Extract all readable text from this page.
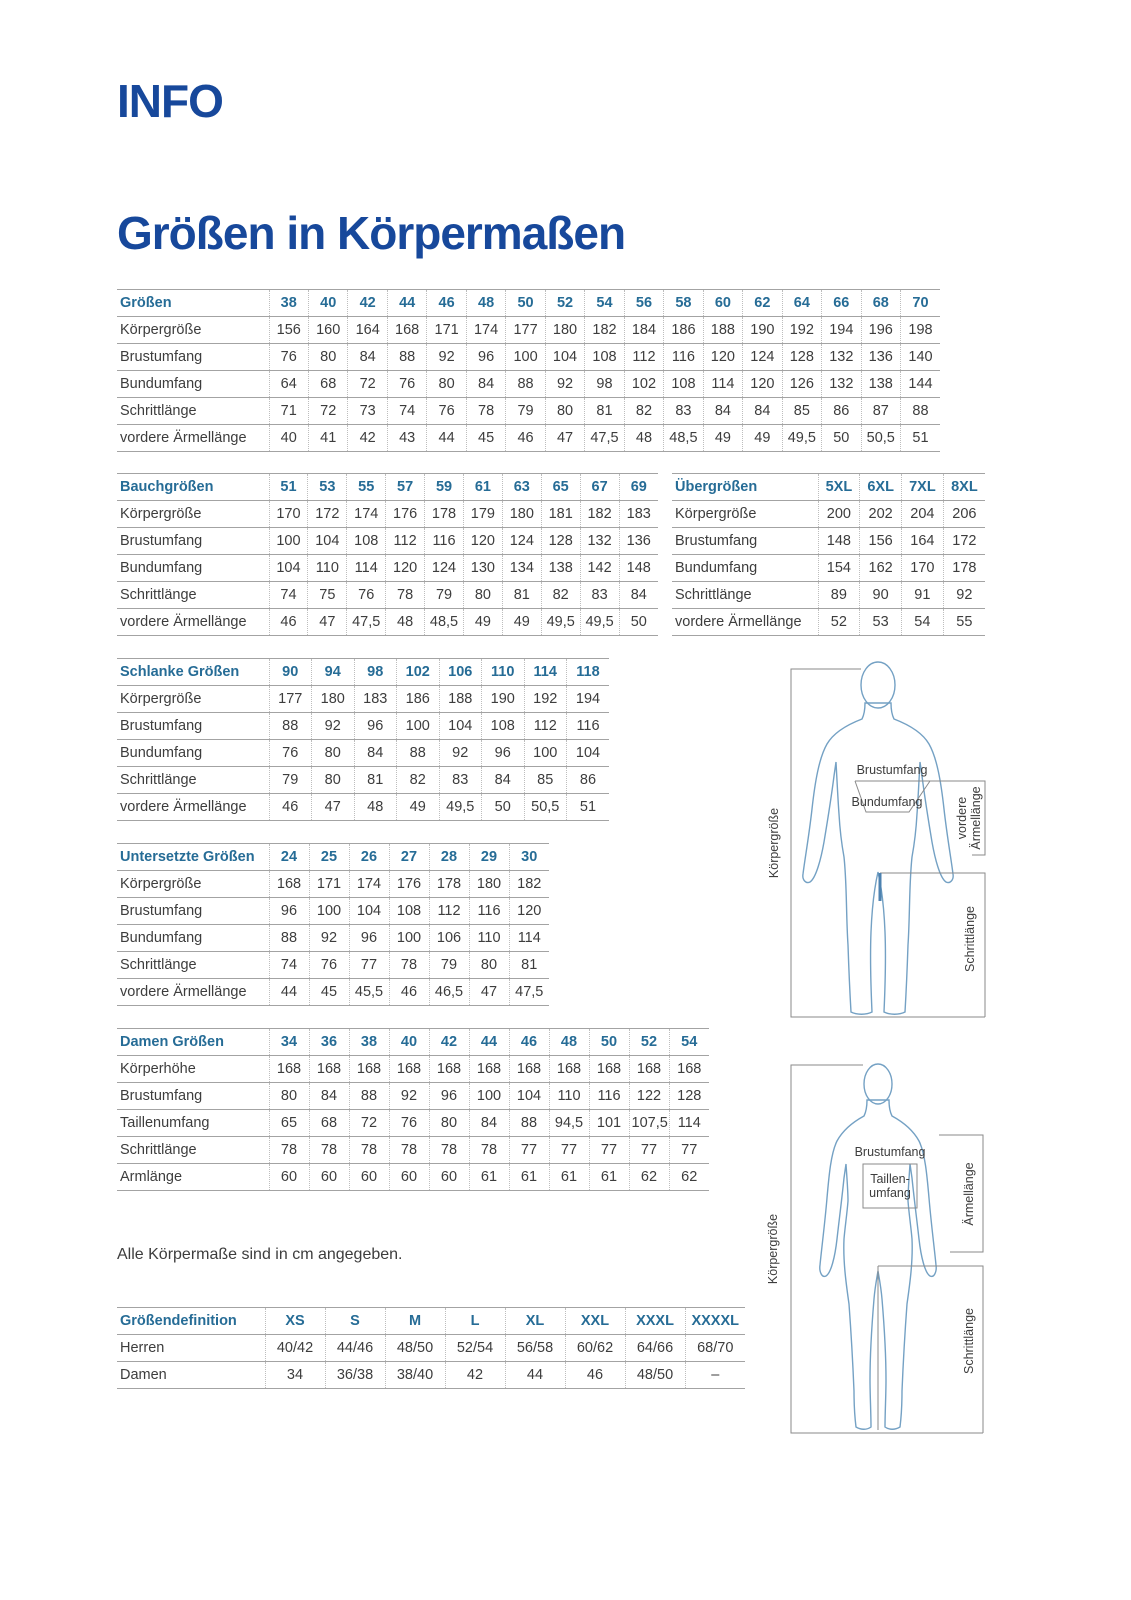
INFO
Größen in Körpermaßen
Größen	38	40	42	44	46	48	50	52	54	56	58	60	62	64	66	68	70
Körpergröße	156	160	164	168	171	174	177	180	182	184	186	188	190	192	194	196	198
Brustumfang	76	80	84	88	92	96	100	104	108	112	116	120	124	128	132	136	140
Bundumfang	64	68	72	76	80	84	88	92	98	102	108	114	120	126	132	138	144
Schrittlänge	71	72	73	74	76	78	79	80	81	82	83	84	84	85	86	87	88
vordere Ärmellänge	40	41	42	43	44	45	46	47	47,5	48	48,5	49	49	49,5	50	50,5	51
Bauchgrößen	51	53	55	57	59	61	63	65	67	69
Körpergröße	170	172	174	176	178	179	180	181	182	183
Brustumfang	100	104	108	112	116	120	124	128	132	136
Bundumfang	104	110	114	120	124	130	134	138	142	148
Schrittlänge	74	75	76	78	79	80	81	82	83	84
vordere Ärmellänge	46	47	47,5	48	48,5	49	49	49,5	49,5	50
Übergrößen	5XL	6XL	7XL	8XL
Körpergröße	200	202	204	206
Brustumfang	148	156	164	172
Bundumfang	154	162	170	178
Schrittlänge	89	90	91	92
vordere Ärmellänge	52	53	54	55
Schlanke Größen	90	94	98	102	106	110	114	118
Körpergröße	177	180	183	186	188	190	192	194
Brustumfang	88	92	96	100	104	108	112	116
Bundumfang	76	80	84	88	92	96	100	104
Schrittlänge	79	80	81	82	83	84	85	86
vordere Ärmellänge	46	47	48	49	49,5	50	50,5	51
Untersetzte Größen	24	25	26	27	28	29	30
Körpergröße	168	171	174	176	178	180	182
Brustumfang	96	100	104	108	112	116	120
Bundumfang	88	92	96	100	106	110	114
Schrittlänge	74	76	77	78	79	80	81
vordere Ärmellänge	44	45	45,5	46	46,5	47	47,5
Damen Größen	34	36	38	40	42	44	46	48	50	52	54
Körperhöhe	168	168	168	168	168	168	168	168	168	168	168
Brustumfang	80	84	88	92	96	100	104	110	116	122	128
Taillenumfang	65	68	72	76	80	84	88	94,5	101	107,5	114
Schrittlänge	78	78	78	78	78	78	77	77	77	77	77
Armlänge	60	60	60	60	60	61	61	61	61	62	62
Alle Körpermaße sind in cm angegeben.
Größendefinition	XS	S	M	L	XL	XXL	XXXL	XXXXL
Herren	40/42	44/46	48/50	52/54	56/58	60/62	64/66	68/70
Damen	34	36/38	38/40	42	44	46	48/50	–
Körpergröße
Brustumfang
Bundumfang	vordere Ärmellänge
Schrittlänge
Körpergröße
Brustumfang
Taillen-
umfang	Ärmellänge
Schrittlänge
